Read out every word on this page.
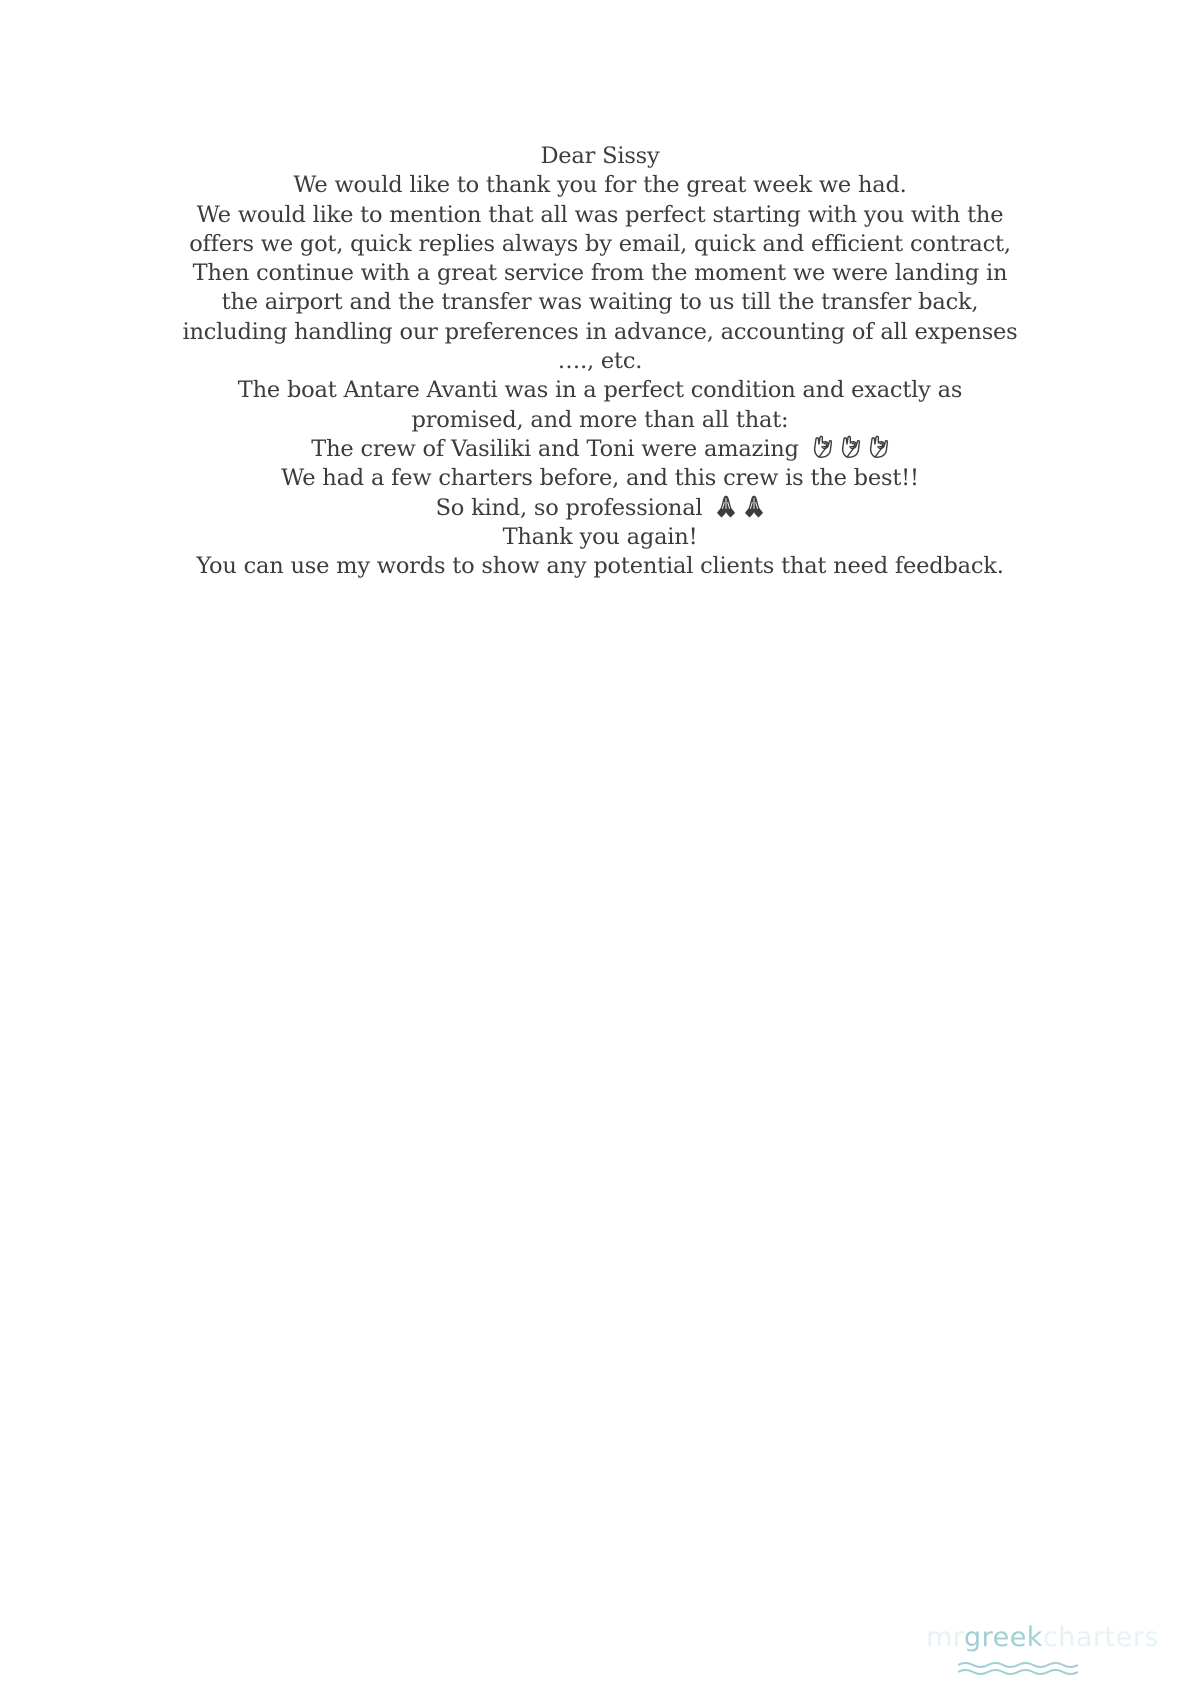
Dear Sissy

We would like to thank you for the great week we had.
We would like to mention that all was perfect starting with you with the
offers we got, quick replies always by email, quick and efficient contract,
Then continue with a great service from the moment we were landing in
the airport and the transfer was waiting to us till the transfer back,
including handling our preferences in advance, accounting of all expenses
…., etc.

The boat Antare Avanti was in a perfect condition and exactly as
promised, and more than all that:
The crew of Vasiliki and Toni were amazing
We had a few charters before, and this crew is the best!!
So kind, so professional

Thank you again!
You can use my words to show any potential clients that need feedback.

mrgreekcharters
